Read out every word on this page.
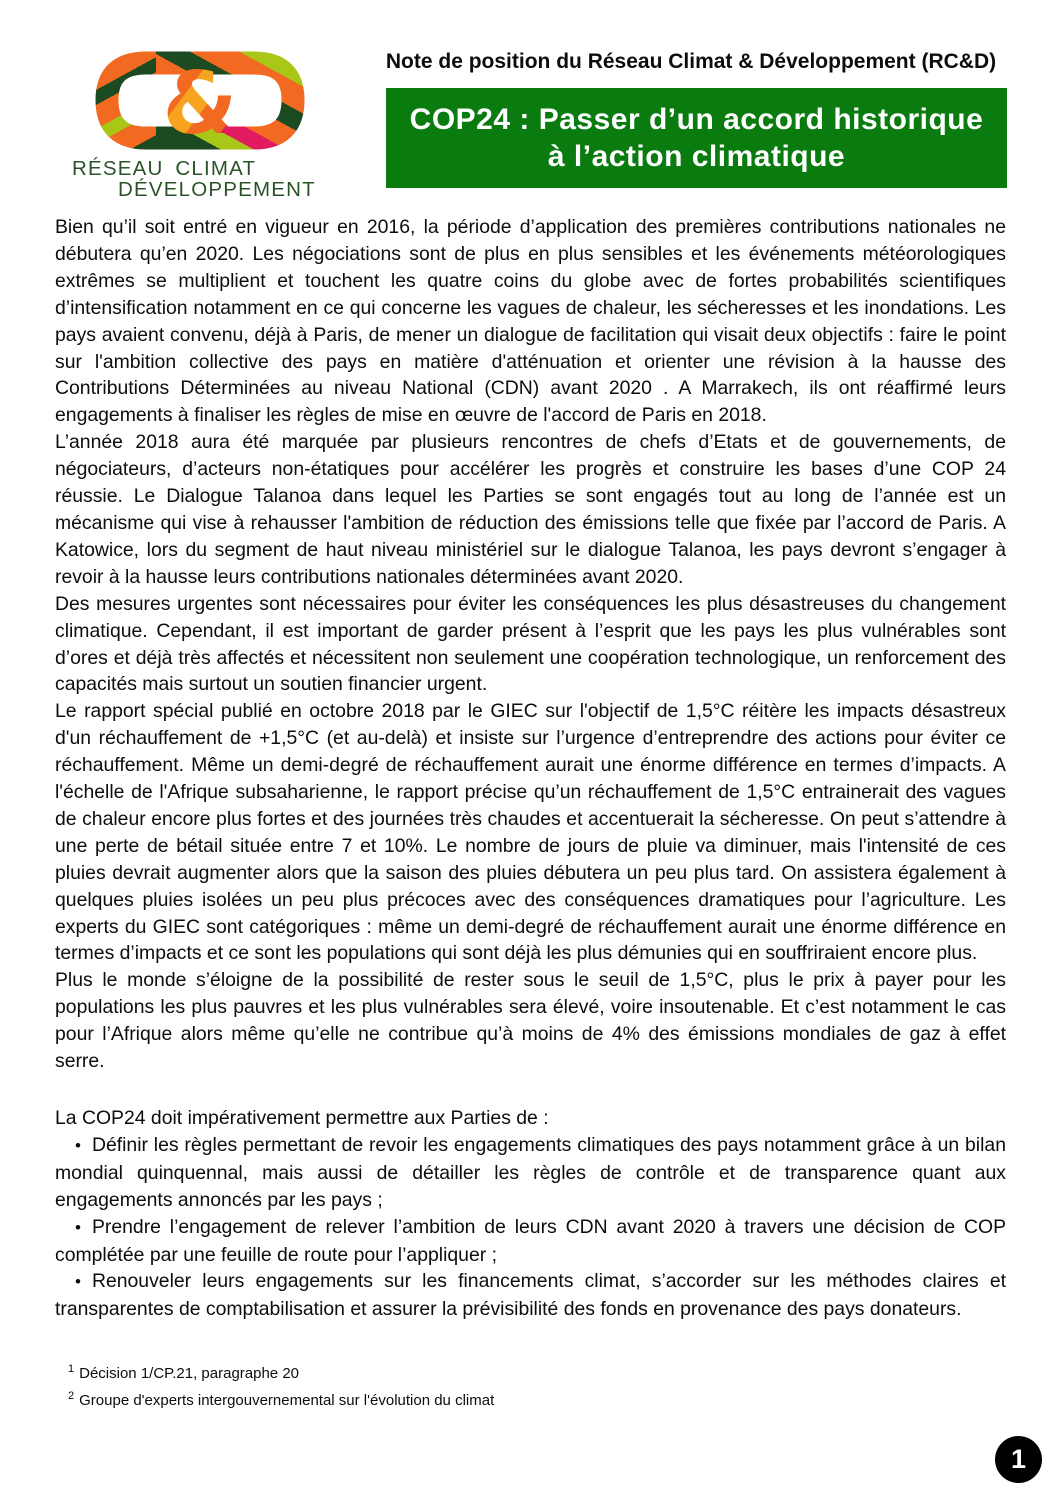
&
RÉSEAU CLIMAT
DÉVELOPPEMENT
Note de position du Réseau Climat & Développement (RC&D)
COP24 : Passer d’un accord historique
à l’action climatique

Bien qu’il soit entré en vigueur en 2016, la période d’application des premières contributions nationales ne débutera qu’en 2020. Les négociations sont de plus en plus sensibles et les événements météorologiques extrêmes se multiplient et touchent les quatre coins du globe avec de fortes probabilités scientifiques d’intensification notamment en ce qui concerne les vagues de chaleur, les sécheresses et les inondations. Les pays avaient convenu, déjà à Paris, de mener un dialogue de facilitation qui visait deux objectifs : faire le point sur l'ambition collective des pays en matière d'atténuation et orienter une révision à la hausse des Contributions Déterminées au niveau National (CDN) avant 2020 . A Marrakech, ils ont réaffirmé leurs engagements à finaliser les règles de mise en œuvre de l'accord de Paris en 2018.

L’année 2018 aura été marquée par plusieurs rencontres de chefs d’Etats et de gouvernements, de négociateurs, d’acteurs non-étatiques pour accélérer les progrès et construire les bases d’une COP 24 réussie. Le Dialogue Talanoa dans lequel les Parties se sont engagés tout au long de l’année est un mécanisme qui vise à rehausser l'ambition de réduction des émissions telle que fixée par l’accord de Paris. A Katowice, lors du segment de haut niveau ministériel sur le dialogue Talanoa, les pays devront s’engager à revoir à la hausse leurs contributions nationales déterminées avant 2020.

Des mesures urgentes sont nécessaires pour éviter les conséquences les plus désastreuses du changement climatique. Cependant, il est important de garder présent à l’esprit que les pays les plus vulnérables sont d’ores et déjà très affectés et nécessitent non seulement une coopération technologique, un renforcement des capacités mais surtout un soutien financier urgent.

Le rapport spécial publié en octobre 2018 par le GIEC sur l'objectif de 1,5°C réitère les impacts désastreux d'un réchauffement de +1,5°C (et au-delà) et insiste sur l’urgence d’entreprendre des actions pour éviter ce réchauffement. Même un demi-degré de réchauffement aurait une énorme différence en termes d’impacts. A l'échelle de l'Afrique subsaharienne, le rapport précise qu’un réchauffement de 1,5°C entrainerait des vagues de chaleur encore plus fortes et des journées très chaudes et accentuerait la sécheresse. On peut s’attendre à une perte de bétail située entre 7 et 10%. Le nombre de jours de pluie va diminuer, mais l'intensité de ces pluies devrait augmenter alors que la saison des pluies débutera un peu plus tard. On assistera également à quelques pluies isolées un peu plus précoces avec des conséquences dramatiques pour l’agriculture. Les experts du GIEC sont catégoriques : même un demi-degré de réchauffement aurait une énorme différence en termes d’impacts et ce sont les populations qui sont déjà les plus démunies qui en souffriraient encore plus.

Plus le monde s’éloigne de la possibilité de rester sous le seuil de 1,5°C, plus le prix à payer pour les populations les plus pauvres et les plus vulnérables sera élevé, voire insoutenable. Et c’est notamment le cas pour l’Afrique alors même qu’elle ne contribue qu’à moins de 4% des émissions mondiales de gaz à effet serre.

La COP24 doit impérativement permettre aux Parties de :

• Définir les règles permettant de revoir les engagements climatiques des pays notamment grâce à un bilan mondial quinquennal, mais aussi de détailler les règles de contrôle et de transparence quant aux engagements annoncés par les pays ;

• Prendre l’engagement de relever l’ambition de leurs CDN avant 2020 à travers une décision de COP complétée par une feuille de route pour l’appliquer ;

• Renouveler leurs engagements sur les financements climat, s’accorder sur les méthodes claires et transparentes de comptabilisation et assurer la prévisibilité des fonds en provenance des pays donateurs.

$^1$ Décision 1/CP.21, paragraphe 20
$^2$ Groupe d'experts intergouvernemental sur l'évolution du climat
1
